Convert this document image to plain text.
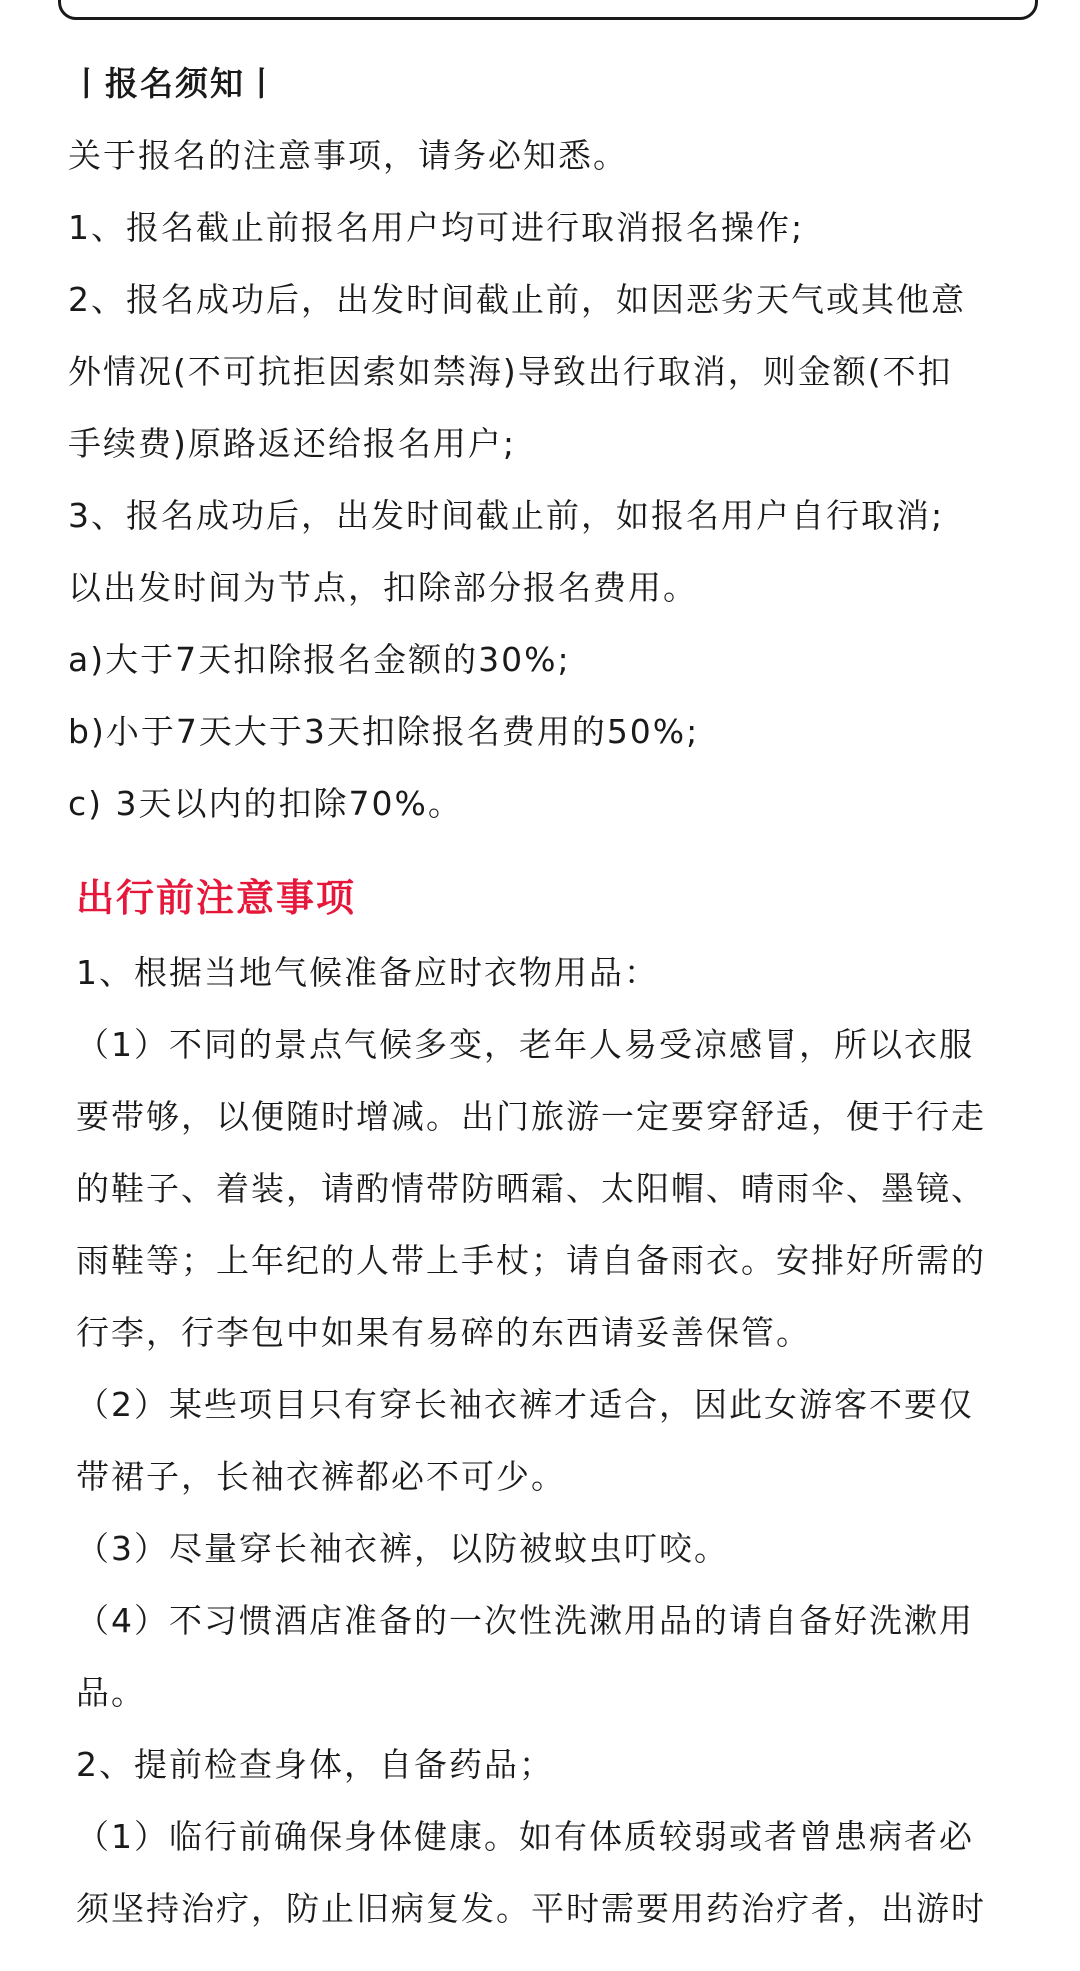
丨报名须知丨

关于报名的注意事项，请务必知悉。

1、报名截止前报名用户均可进行取消报名操作;

2、报名成功后，出发时间截止前，如因恶劣天气或其他意

外情况(不可抗拒因索如禁海)导致出行取消，则金额(不扣

手续费)原路返还给报名用户;

3、报名成功后，出发时间截止前，如报名用户自行取消;

以出发时间为节点，扣除部分报名费用。

a)大于7天扣除报名金额的30%;

b)小于7天大于3天扣除报名费用的50%;

c) 3天以内的扣除70%。

出行前注意事项

1、根据当地气候准备应时衣物用品：

（1）不同的景点气候多变，老年人易受凉感冒，所以衣服

要带够，以便随时增减。出门旅游一定要穿舒适，便于行走

的鞋子、着装，请酌情带防晒霜、太阳帽、晴雨伞、墨镜、

雨鞋等；上年纪的人带上手杖；请自备雨衣。安排好所需的

行李，行李包中如果有易碎的东西请妥善保管。

（2）某些项目只有穿长袖衣裤才适合，因此女游客不要仅

带裙子，长袖衣裤都必不可少。

（3）尽量穿长袖衣裤，以防被蚊虫叮咬。

（4）不习惯酒店准备的一次性洗漱用品的请自备好洗漱用

品。

2、提前检查身体，自备药品；

（1）临行前确保身体健康。如有体质较弱或者曾患病者必

须坚持治疗，防止旧病复发。平时需要用药治疗者，出游时
